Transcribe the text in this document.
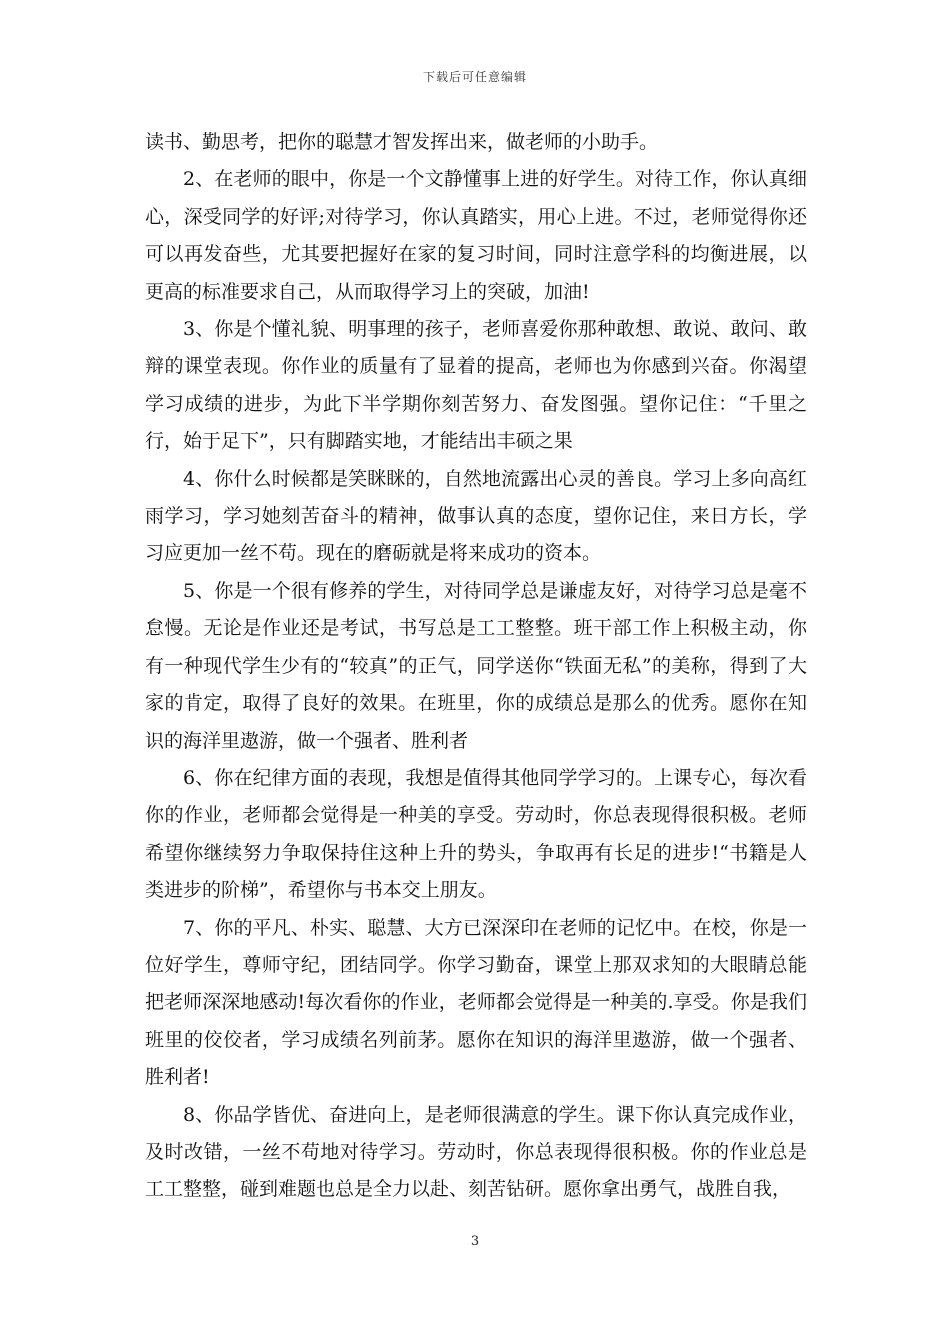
下载后可任意编辑

读书、勤思考，把你的聪慧才智发挥出来，做老师的小助手。

2、在老师的眼中，你是一个文静懂事上进的好学生。对待工作，你认真细心，深受同学的好评;对待学习，你认真踏实，用心上进。不过，老师觉得你还可以再发奋些，尤其要把握好在家的复习时间，同时注意学科的均衡进展，以更高的标准要求自己，从而取得学习上的突破，加油!

3、你是个懂礼貌、明事理的孩子，老师喜爱你那种敢想、敢说、敢问、敢辩的课堂表现。你作业的质量有了显着的提高，老师也为你感到兴奋。你渴望学习成绩的进步，为此下半学期你刻苦努力、奋发图强。望你记住：“千里之行，始于足下”，只有脚踏实地，才能结出丰硕之果

4、你什么时候都是笑眯眯的，自然地流露出心灵的善良。学习上多向高红雨学习，学习她刻苦奋斗的精神，做事认真的态度，望你记住，来日方长，学习应更加一丝不苟。现在的磨砺就是将来成功的资本。

5、你是一个很有修养的学生，对待同学总是谦虚友好，对待学习总是毫不怠慢。无论是作业还是考试，书写总是工工整整。班干部工作上积极主动，你有一种现代学生少有的“较真”的正气，同学送你“铁面无私”的美称，得到了大家的肯定，取得了良好的效果。在班里，你的成绩总是那么的优秀。愿你在知识的海洋里遨游，做一个强者、胜利者

6、你在纪律方面的表现，我想是值得其他同学学习的。上课专心，每次看你的作业，老师都会觉得是一种美的享受。劳动时，你总表现得很积极。老师希望你继续努力争取保持住这种上升的势头，争取再有长足的进步!“书籍是人类进步的阶梯”，希望你与书本交上朋友。

7、你的平凡、朴实、聪慧、大方已深深印在老师的记忆中。在校，你是一位好学生，尊师守纪，团结同学。你学习勤奋，课堂上那双求知的大眼睛总能把老师深深地感动!每次看你的作业，老师都会觉得是一种美的.享受。你是我们班里的佼佼者，学习成绩名列前茅。愿你在知识的海洋里遨游，做一个强者、胜利者!

8、你品学皆优、奋进向上，是老师很满意的学生。课下你认真完成作业，及时改错，一丝不苟地对待学习。劳动时，你总表现得很积极。你的作业总是工工整整，碰到难题也总是全力以赴、刻苦钻研。愿你拿出勇气，战胜自我，

3
